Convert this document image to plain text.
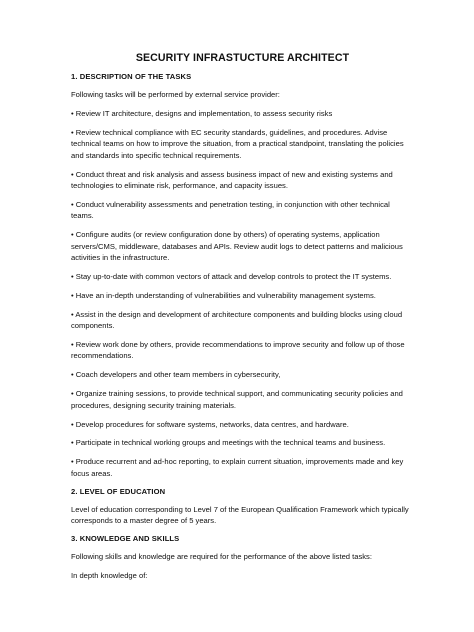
SECURITY INFRASTUCTURE ARCHITECT
1. DESCRIPTION OF THE TASKS
Following tasks will be performed by external service provider:
• Review IT architecture, designs and implementation, to assess security risks
• Review technical compliance with EC security standards, guidelines, and procedures. Advise technical teams on how to improve the situation, from a practical standpoint, translating the policies and standards into specific technical requirements.
• Conduct threat and risk analysis and assess business impact of new and existing systems and technologies to eliminate risk, performance, and capacity issues.
• Conduct vulnerability assessments and penetration testing, in conjunction with other technical teams.
• Configure audits (or review configuration done by others) of operating systems, application servers/CMS, middleware, databases and APIs. Review audit logs to detect patterns and malicious activities in the infrastructure.
• Stay up-to-date with common vectors of attack and develop controls to protect the IT systems.
• Have an in-depth understanding of vulnerabilities and vulnerability management systems.
• Assist in the design and development of architecture components and building blocks using cloud components.
• Review work done by others, provide recommendations to improve security and follow up of those recommendations.
• Coach developers and other team members in cybersecurity,
• Organize training sessions, to provide technical support, and communicating security policies and procedures, designing security training materials.
• Develop procedures for software systems, networks, data centres, and hardware.
• Participate in technical working groups and meetings with the technical teams and business.
• Produce recurrent and ad-hoc reporting, to explain current situation, improvements made and key focus areas.
2. LEVEL OF EDUCATION
Level of education corresponding to Level 7 of the European Qualification Framework which typically corresponds to a master degree of 5 years.
3. KNOWLEDGE AND SKILLS
Following skills and knowledge are required for the performance of the above listed tasks:
In depth knowledge of:
